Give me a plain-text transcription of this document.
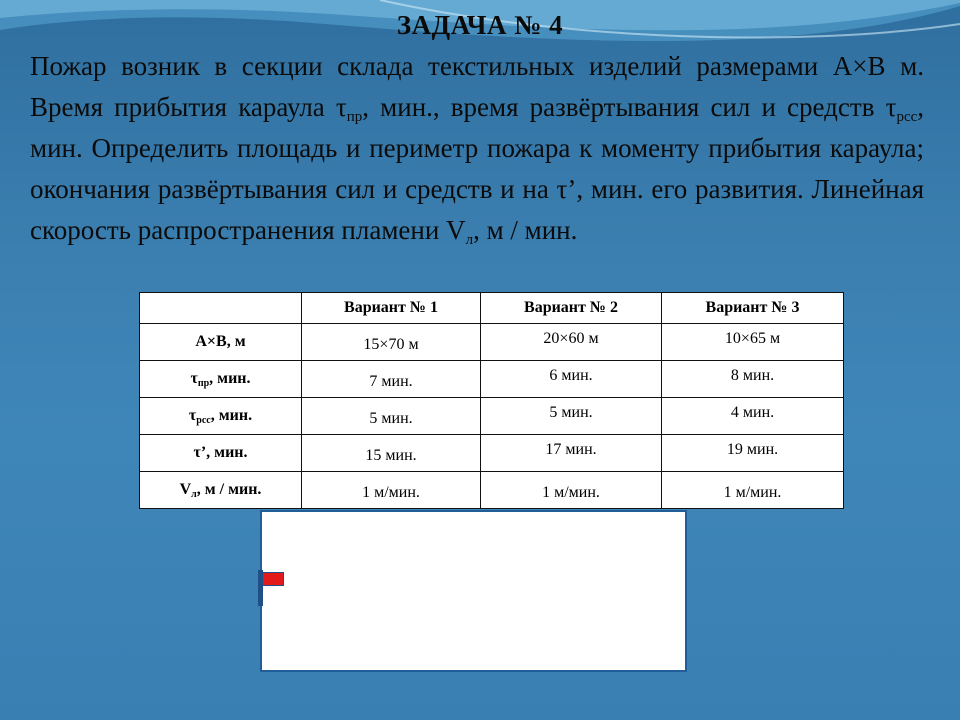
ЗАДАЧА № 4
Пожар возник в секции склада текстильных изделий размерами А×В м. Время прибытия караула $\tau_{пр}$, мин., время развёртывания сил и средств $\tau_{рсс}$, мин. Определить площадь и периметр пожара к моменту прибытия караула; окончания развёртывания сил и средств и на τ’, мин. его развития. Линейная скорость распространения пламени $V_л$, м / мин.
	Вариант № 1	Вариант № 2	Вариант № 3
А×В, м	15×70 м	20×60 м	10×65 м
$\tau_{пр}$, мин.	7 мин.	6 мин.	8 мин.
$\tau_{рсс}$, мин.	5 мин.	5 мин.	4 мин.
τ’, мин.	15 мин.	17 мин.	19 мин.
$V_л$, м / мин.	1 м/мин.	1 м/мин.	1 м/мин.
